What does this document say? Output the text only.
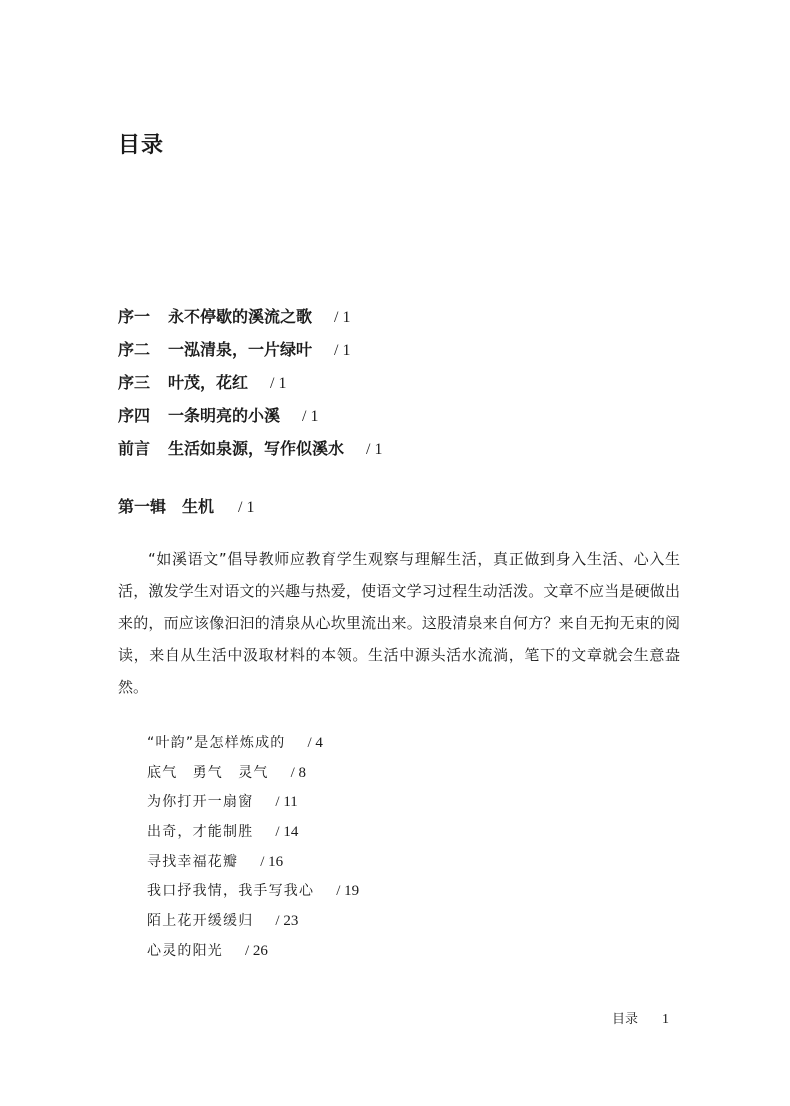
目录
序一 永不停歇的溪流之歌 / 1
序二 一泓清泉，一片绿叶 / 1
序三 叶茂，花红 / 1
序四 一条明亮的小溪 / 1
前言 生活如泉源，写作似溪水 / 1
第一辑 生机 / 1
“如溪语文”倡导教师应教育学生观察与理解生活，真正做到身入生活、心入生活，激发学生对语文的兴趣与热爱，使语文学习过程生动活泼。文章不应当是硬做出来的，而应该像汩汩的清泉从心坎里流出来。这股清泉来自何方？来自无拘无束的阅读，来自从生活中汲取材料的本领。生活中源头活水流淌，笔下的文章就会生意盎然。
“叶韵”是怎样炼成的 / 4
底气　勇气　灵气 / 8
为你打开一扇窗 / 11
出奇，才能制胜 / 14
寻找幸福花瓣 / 16
我口抒我情，我手写我心 / 19
陌上花开缓缓归 / 23
心灵的阳光 / 26
目录 1
